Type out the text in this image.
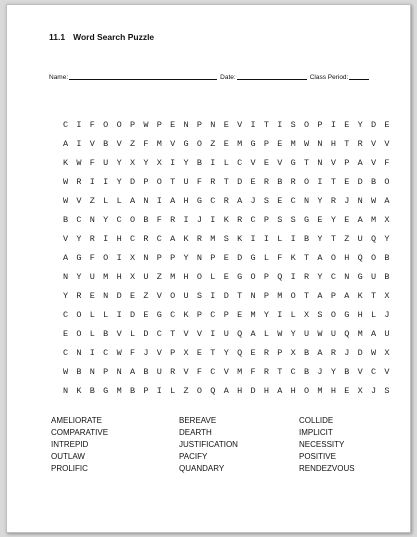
11.1 Word Search Puzzle
Name:	Date:	Class Period:
C I F O O P W P E N P N E V I T I S O P I E Y D E
A I V B V Z F M V G O Z E M G P E M W N H T R V V
K W F U Y X Y X I Y B I L C V E V G T N V P A V F
W R I I Y D P O T U F R T D E R B R O I T E D B O
W V Z L L A N I A H G C R A J S E C N Y R J N W A
B C N Y C O B F R I J I K R C P S S G E Y E A M X
V Y R I H C R C A K R M S K I I L I B Y T Z U Q Y
A G F O I X N P P Y N P E D G L F K T A O H Q O B
N Y U M H X U Z M H O L E G O P Q I R Y C N G U B
Y R E N D E Z V O U S I D T N P M O T A P A K T X
C O L L I D E G C K P C P E M Y I L X S O G H L J
E O L B V L D C T V V I U Q A L W Y U W U Q M A U
C N I C W F J V P X E T Y Q E R P X B A R J D W X
W B N P N A B U R V F C V M F R T C B J Y B V C V
N K B G M B P I L Z O Q A H D H A H O M H E X J S
AMELIORATE
COMPARATIVE
INTREPID
OUTLAW
PROLIFIC
BEREAVE
DEARTH
JUSTIFICATION
PACIFY
QUANDARY
COLLIDE
IMPLICIT
NECESSITY
POSITIVE
RENDEZVOUS
